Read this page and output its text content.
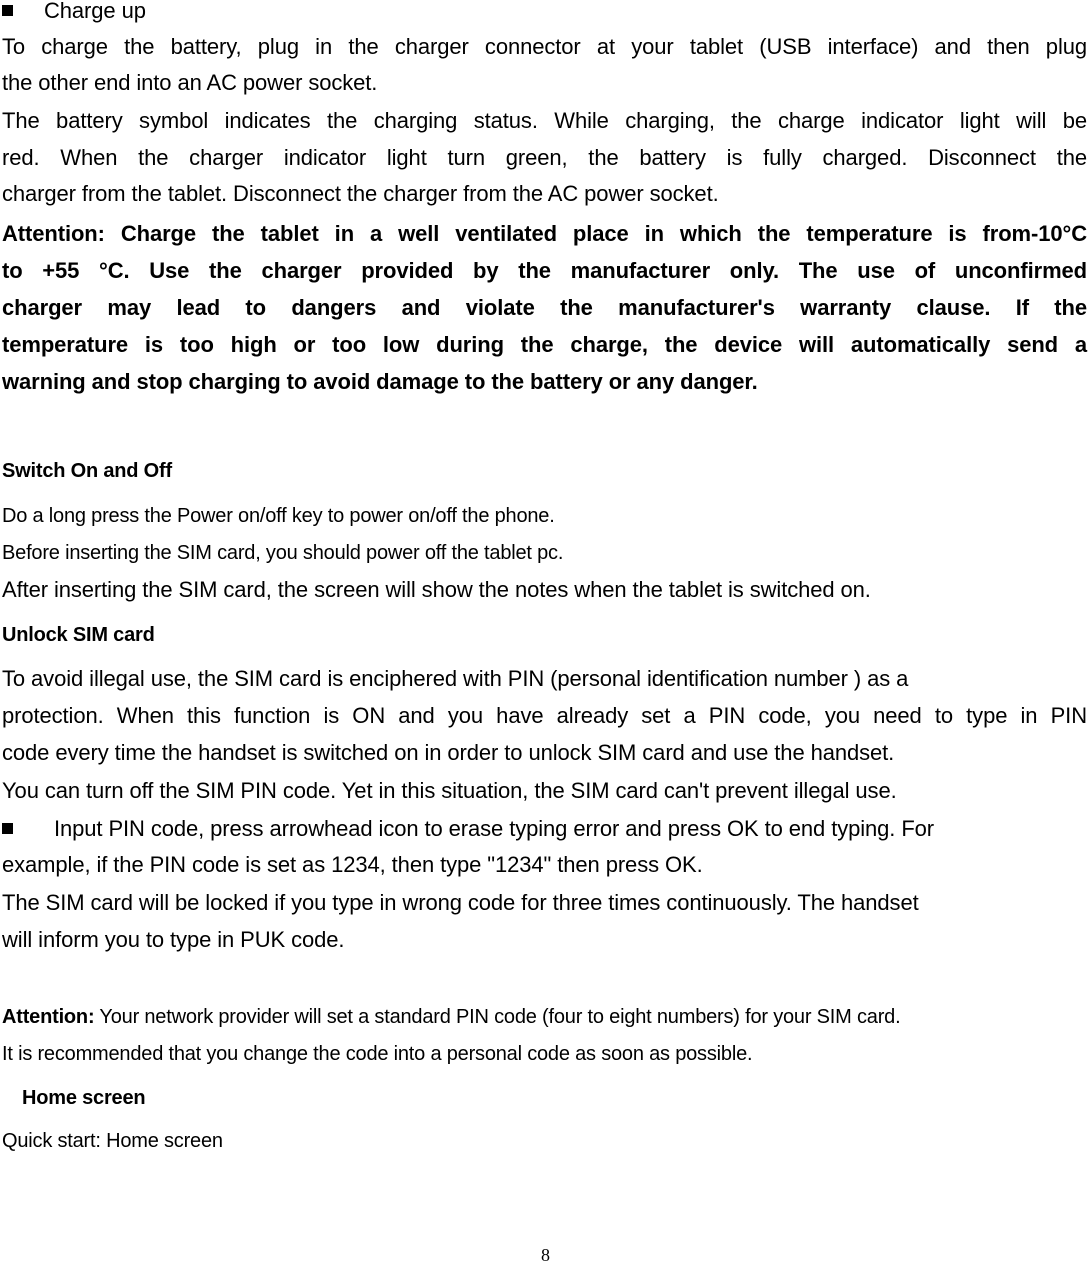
Charge up
To charge the battery, plug in the charger connector at your tablet (USB interface) and then plug
the other end into an AC power socket.
The battery symbol indicates the charging status. While charging, the charge indicator light will be
red. When the charger indicator light turn green, the battery is fully charged. Disconnect the
charger from the tablet. Disconnect the charger from the AC power socket.
Attention: Charge the tablet in a well ventilated place in which the temperature is from-10°C
to +55 °C. Use the charger provided by the manufacturer only. The use of unconfirmed
charger may lead to dangers and violate the manufacturer's warranty clause. If the
temperature is too high or too low during the charge, the device will automatically send a
warning and stop charging to avoid damage to the battery or any danger.
Switch On and Off
Do a long press the Power on/off key to power on/off the phone.
Before inserting the SIM card, you should power off the tablet pc.
After inserting the SIM card, the screen will show the notes when the tablet is switched on.
Unlock SIM card
To avoid illegal use, the SIM card is enciphered with PIN (personal identification number ) as a
protection. When this function is ON and you have already set a PIN code, you need to type in PIN
code every time the handset is switched on in order to unlock SIM card and use the handset.
You can turn off the SIM PIN code. Yet in this situation, the SIM card can't prevent illegal use.
Input PIN code, press arrowhead icon to erase typing error and press OK to end typing. For
example, if the PIN code is set as 1234, then type "1234" then press OK.
The SIM card will be locked if you type in wrong code for three times continuously. The handset
will inform you to type in PUK code.
Attention: Your network provider will set a standard PIN code (four to eight numbers) for your SIM card.
It is recommended that you change the code into a personal code as soon as possible.
Home screen
Quick start: Home screen
8
